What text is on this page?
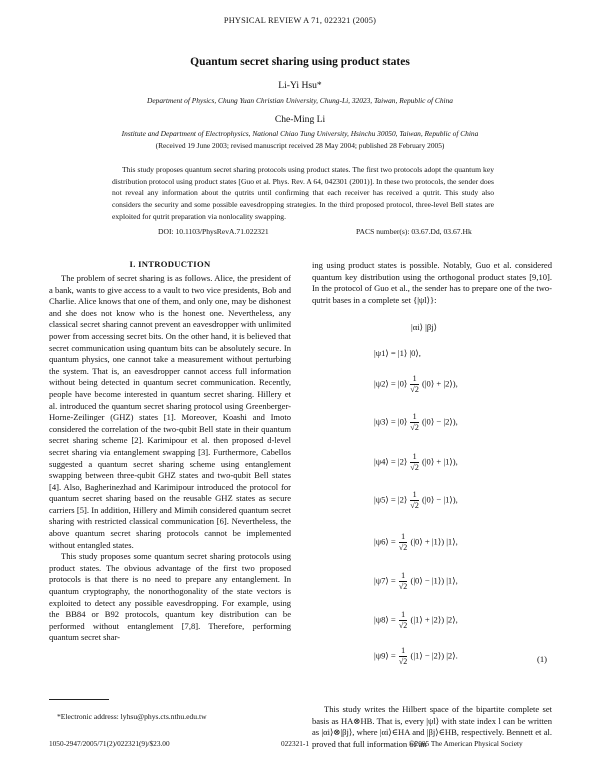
PHYSICAL REVIEW A 71, 022321 (2005)
Quantum secret sharing using product states
Li-Yi Hsu*
Department of Physics, Chung Yuan Christian University, Chung-Li, 32023, Taiwan, Republic of China
Che-Ming Li
Institute and Department of Electrophysics, National Chiao Tung University, Hsinchu 30050, Taiwan, Republic of China
(Received 19 June 2003; revised manuscript received 28 May 2004; published 28 February 2005)

This study proposes quantum secret sharing protocols using product states. The first two protocols adopt the quantum key distribution protocol using product states [Guo et al. Phys. Rev. A 64, 042301 (2001)]. In these two protocols, the sender does not reveal any information about the qutrits until confirming that each receiver has received a qutrit. This study also considers the security and some possible eavesdropping strategies. In the third proposed protocol, three-level Bell states are exploited for qutrit preparation via nonlocality swapping.

DOI: 10.1103/PhysRevA.71.022321	PACS number(s): 03.67.Dd, 03.67.Hk
I. INTRODUCTION

The problem of secret sharing is as follows. Alice, the president of a bank, wants to give access to a vault to two vice presidents, Bob and Charlie. Alice knows that one of them, and only one, may be dishonest and she does not know who is the honest one. Nevertheless, any classical secret sharing cannot prevent an eavesdropper with unlimited power from accessing secret bits. On the other hand, it is believed that secret communication using quantum bits can be absolutely secure. In quantum physics, one cannot take a measurement without perturbing the system. That is, an eavesdropper cannot access full information without being detected in quantum secret communication. Recently, people have become interested in quantum secret sharing. Hillery et al. introduced the quantum secret sharing protocol using Greenberger-Horne-Zeilinger (GHZ) states [1]. Moreover, Koashi and Imoto considered the correlation of the two-qubit Bell state in their quantum secret sharing scheme [2]. Karimipour et al. then proposed d-level secret sharing via entanglement swapping [3]. Furthermore, Cabellos suggested a quantum secret sharing scheme using entanglement swapping between three-qubit GHZ states and two-qubit Bell states [4]. Also, Bagherinezhad and Karimipour introduced the protocol for quantum secret sharing based on the reusable GHZ states as secure carriers [5]. In addition, Hillery and Mimih considered quantum secret sharing with restricted classical communication [6]. Nevertheless, the above quantum secret sharing protocols cannot be implemented without entangled states.

This study proposes some quantum secret sharing protocols using product states. The obvious advantage of the first two proposed protocols is that there is no need to prepare any entanglement. In quantum cryptography, the nonorthogonality of the state vectors is exploited to detect any possible eavesdropping. For example, using the BB84 or B92 protocols, quantum key distribution can be performed without entanglement [7,8]. Therefore, performing quantum secret shar-

ing using product states is possible. Notably, Guo et al. considered quantum key distribution using the orthogonal product states [9,10]. In the protocol of Guo et al., the sender has to prepare one of the two-qutrit bases in a complete set {|ψl⟩}:

|αi⟩ |βj⟩
|ψ1⟩ = |1⟩ |0⟩,
|ψ2⟩ = |0⟩ $\frac{1}{√2}$ (|0⟩ + |2⟩),
|ψ3⟩ = |0⟩ $\frac{1}{√2}$ (|0⟩ − |2⟩),
|ψ4⟩ = |2⟩ $\frac{1}{√2}$ (|0⟩ + |1⟩),
|ψ5⟩ = |2⟩ $\frac{1}{√2}$ (|0⟩ − |1⟩),
|ψ6⟩ = $\frac{1}{√2}$ (|0⟩ + |1⟩) |1⟩,
|ψ7⟩ = $\frac{1}{√2}$ (|0⟩ − |1⟩) |1⟩,
|ψ8⟩ = $\frac{1}{√2}$ (|1⟩ + |2⟩) |2⟩,
|ψ9⟩ = $\frac{1}{√2}$ (|1⟩ − |2⟩) |2⟩.	(1)

This study writes the Hilbert space of the bipartite complete set basis as HA⊗HB. That is, every |ψl⟩ with state index l can be written as |αi⟩⊗|βj⟩, where |αi⟩∈HA and |βj⟩∈HB, respectively. Bennett et al. proved that full information of an

*Electronic address: lyhsu@phys.cts.nthu.edu.tw
1050-2947/2005/71(2)/022321(9)/$23.00	022321-1	©2005 The American Physical Society
